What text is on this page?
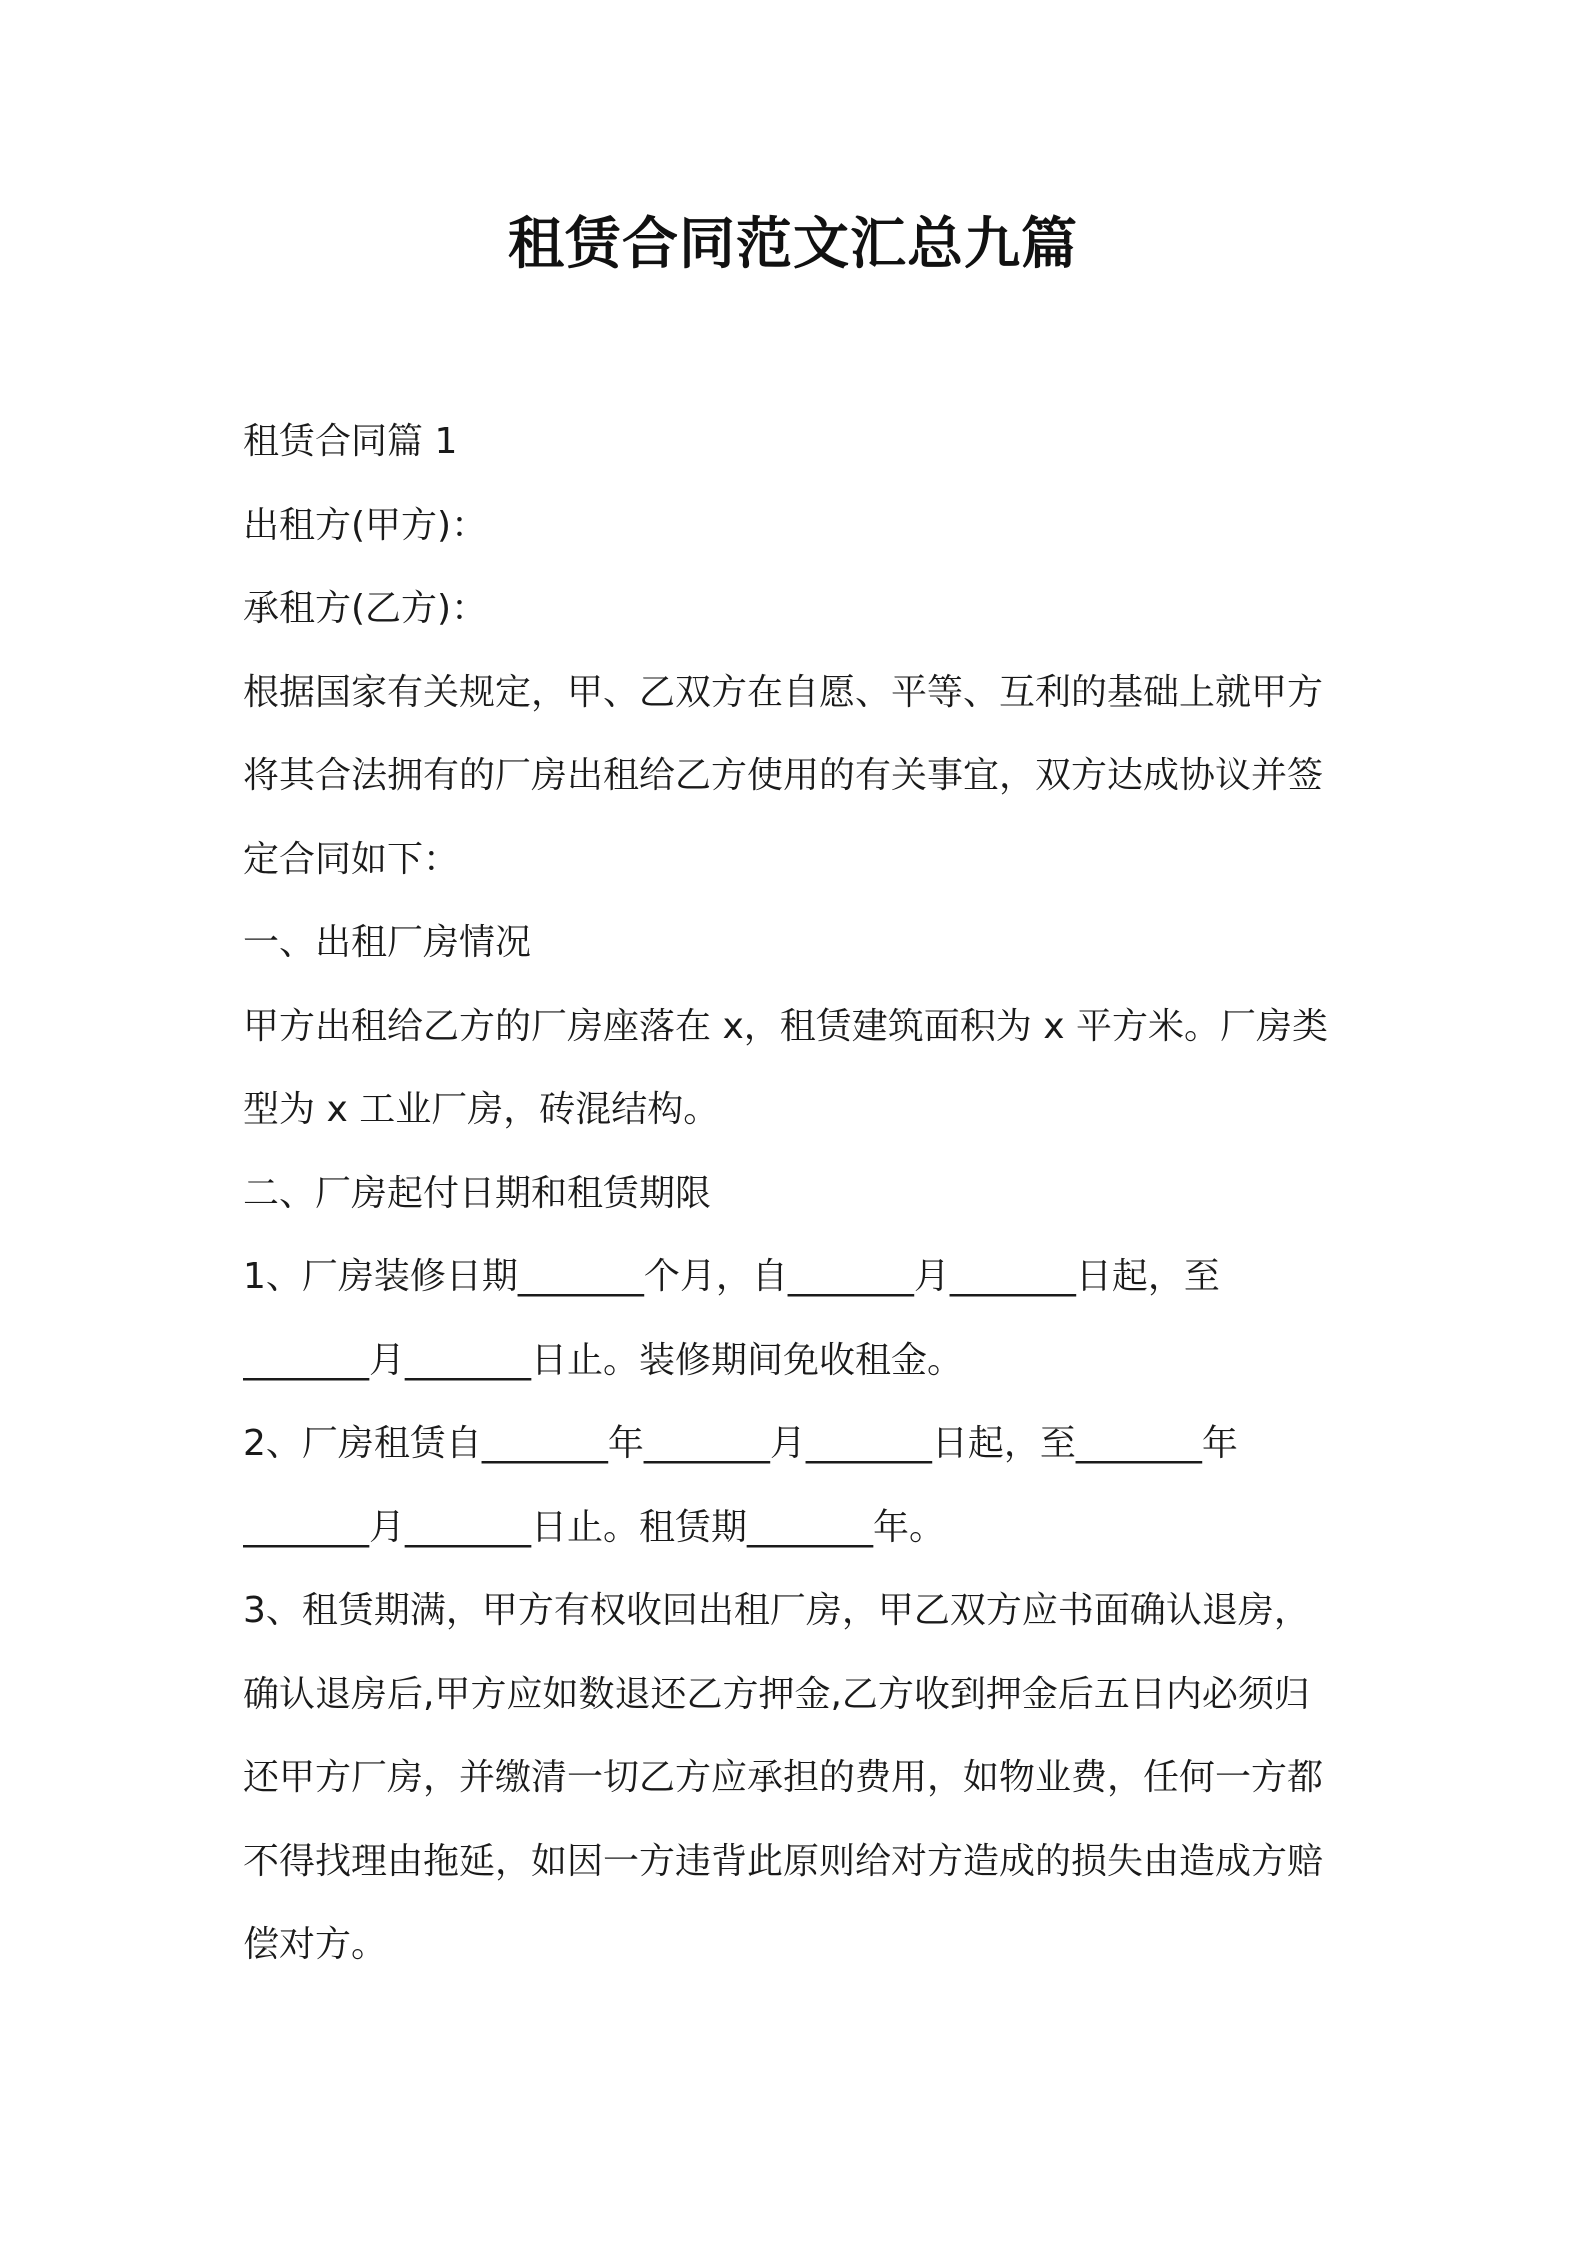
租赁合同范文汇总九篇
租赁合同篇 1
出租方(甲方)：
承租方(乙方)：
根据国家有关规定，甲、乙双方在自愿、平等、互利的基础上就甲方
将其合法拥有的厂房出租给乙方使用的有关事宜，双方达成协议并签
定合同如下：
一、出租厂房情况
甲方出租给乙方的厂房座落在 x，租赁建筑面积为 x 平方米。厂房类
型为 x 工业厂房，砖混结构。
二、厂房起付日期和租赁期限
1、厂房装修日期_______个月，自_______月_______日起，至
_______月_______日止。装修期间免收租金。
2、厂房租赁自_______年_______月_______日起，至_______年
_______月_______日止。租赁期_______年。
3、租赁期满，甲方有权收回出租厂房，甲乙双方应书面确认退房，
确认退房后,甲方应如数退还乙方押金,乙方收到押金后五日内必须归
还甲方厂房，并缴清一切乙方应承担的费用，如物业费，任何一方都
不得找理由拖延，如因一方违背此原则给对方造成的损失由造成方赔
偿对方。
